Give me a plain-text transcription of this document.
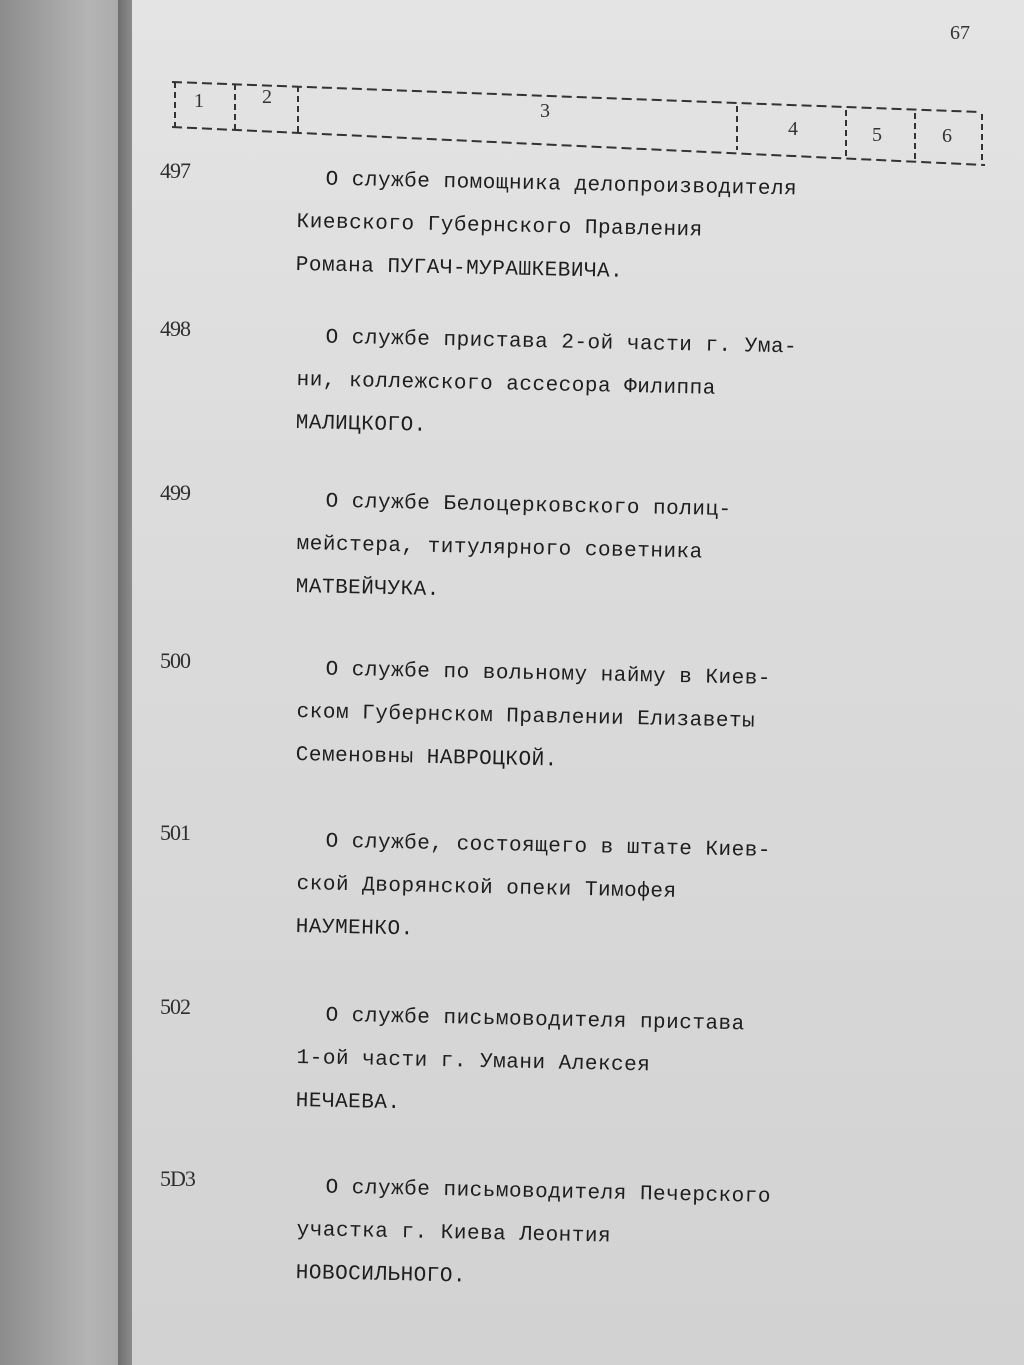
67
1	2
3
4	5	6
497	О службе помощника делопроизводителя
Киевского Губернского Правления
Романа ПУГАЧ-МУРАШКЕВИЧА.
498	О службе пристава 2-ой части г. Ума-
ни, коллежского ассесора Филиппа
МАЛИЦКОГО.
499	О службе Белоцерковского полиц-
мейстера, титулярного советника
МАТВЕЙЧУКА.
500	О службе по вольному найму в Киев-
ском Губернском Правлении Елизаветы
Семеновны НАВРОЦКОЙ.
501	О службе, состоящего в штате Киев-
ской Дворянской опеки Тимофея
НАУМЕНКО.
502	О службе письмоводителя пристава
1-ой части г. Умани Алексея
НЕЧАЕВА.
5D3	О службе письмоводителя Печерского
участка г. Киева Леонтия
НОВОСИЛЬНОГО.
